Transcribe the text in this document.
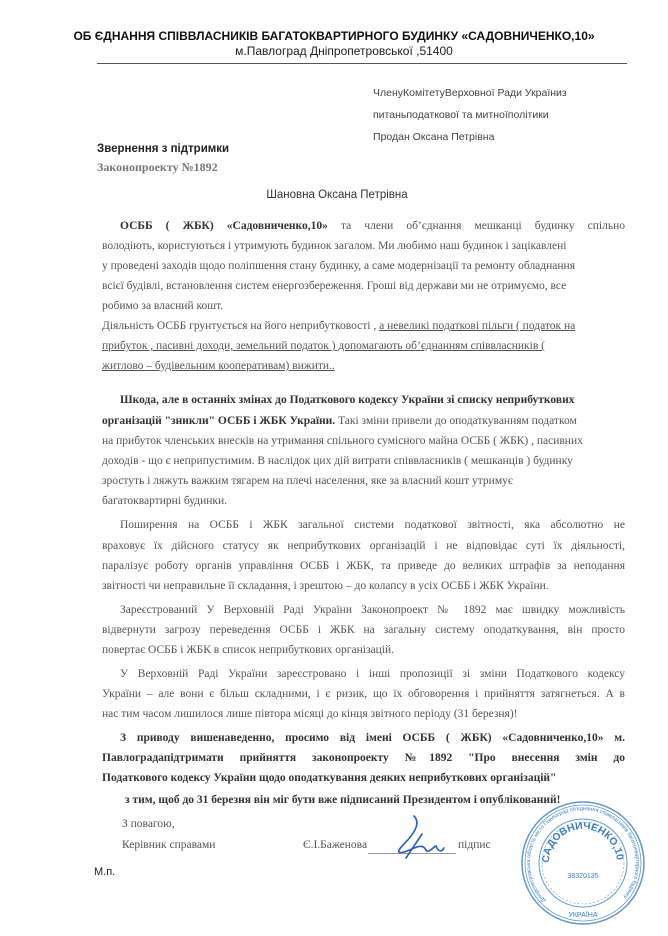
ОБ ЄДНАННЯ СПІВВЛАСНИКІВ БАГАТОКВАРТИРНОГО БУДИНКУ «САДОВНИЧЕНКО,10»
м.Павлоград Дніпропетровської ,51400
ЧленуКомітетуВерховної Ради Україниз
питаньподаткової та митноїполітики
Продан Оксана Петрівна
Звернення з підтримки
Законопроекту №1892
Шановна Оксана Петрівна
ОСББ ( ЖБК) «Садовниченко,10» та члени об’єднання мешканці будинку спільно
володіють, користуються і утримують будинок загалом. Ми любимо наш будинок і зацікавлені
у проведені заходів щодо поліпшення стану будинку, а саме модернізації та ремонту обладнання
всієї будівлі, встановлення систем енергозбереження. Гроші від держави ми не отримуємо, все
робимо за власний кошт.
Діяльність ОСББ грунтується на його неприбутковості , а невеликі податкові пільги ( податок на
прибуток , пасивні доходи, земельний податок ) допомагають об’єднанням співвласників (
житлово – будівельним кооперативам) вижити..
Шкода, але в останніх змінах до Податкового кодексу України зі списку неприбуткових
організацій "зникли" ОСББ і ЖБК України. Такі зміни привели до оподаткуванням податком
на прибуток членських внесків на утримання спільного сумісного майна ОСББ ( ЖБК) , пасивних
доходів - що є неприпустимим. В наслідок цих дій витрати співвласників ( мешканців ) будинку
зростуть і ляжуть важким тягарем на плечі населення, яке за власний кошт утримує
багатоквартирні будинки.
Поширення на ОСББ і ЖБК загальної системи податкової звітності, яка абсолютно не
враховує їх дійсного статусу як неприбуткових організацій і не відповідає суті їх діяльності,
паралізує роботу органів управління ОСББ і ЖБК, та приведе до великих штрафів за неподання
звітності чи неправильне її складання, і зрештою – до колапсу в усіх ОСББ і ЖБК України.
Зареєстрований У Верховній Раді України Законопроект № 1892 має швидку можливість
відвернути загрозу переведення ОСББ і ЖБК на загальну систему оподаткування, він просто
повертає ОСББ і ЖБК в список неприбуткових організацій.
У Верховній Раді України зареєстровано і інші пропозиції зі зміни Податкового кодексу
України – але вони є більш складними, і є ризик, що їх обговорення і прийняття затягнеться. А в
нас тим часом лишилося лише півтора місяці до кінця звітного періоду (31 березня)!
З приводу вишенаведенно, просимо від імені ОСББ ( ЖБК) «Садовниченко,10» м.
Павлоградапідтримати прийняття законопроекту №1892 "Про внесення змін до
Податкового кодексу України щодо оподаткування деяких неприбуткових організацій"
з тим, щоб до 31 березня він міг бути вже підписаний Президентом і опублікований!
Дніпропетровська область місто Павлоград об'єднання співвласників багатоквартирного будинку
САДОВНИЧЕНКО,10
38320135
УКРАЇНА
З повагою,
Керівник справами	Є.І.Баженова	підпис
М.п.
